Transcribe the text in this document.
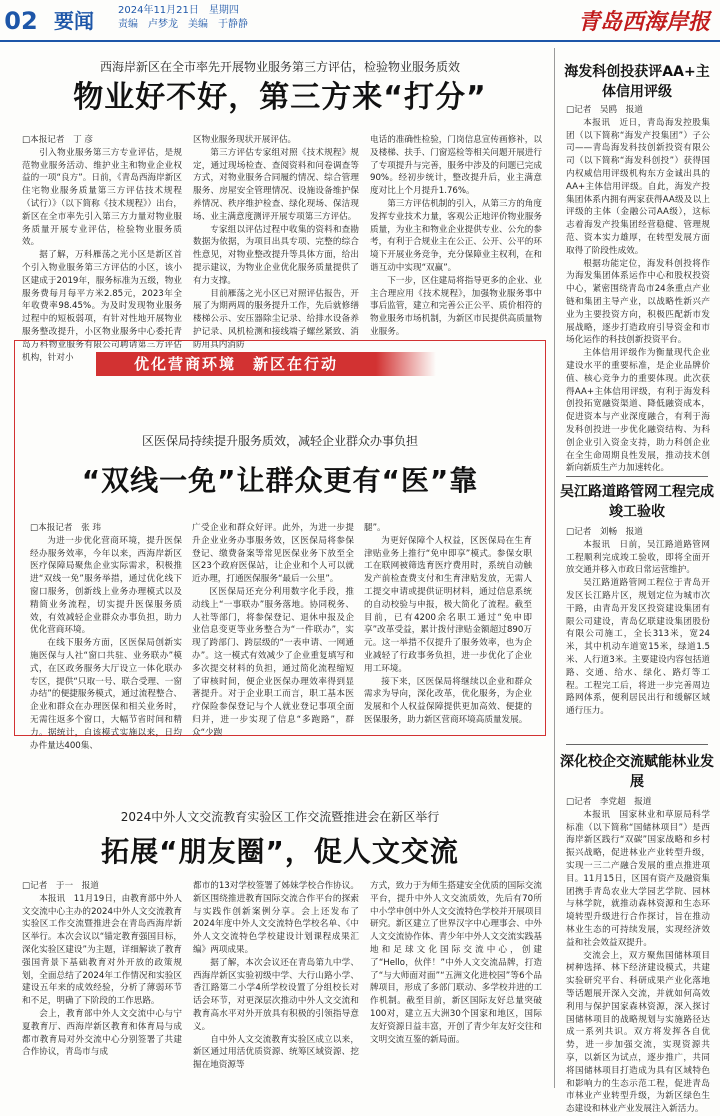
02 要闻 2024年11月21日　星期四
责编　卢梦龙　美编　于静静	青岛西海岸报
西海岸新区在全市率先开展物业服务第三方评估，检验物业服务质效
物业好不好，第三方来“打分”

□本报记者　丁 彦

引入物业服务第三方专业评估，是规范物业服务活动、维护业主和物业企业权益的一项“良方”。日前，《青岛西海岸新区住宅物业服务质量第三方评估技术规程（试行）》（以下简称《技术规程》）出台，新区在全市率先引入第三方力量对物业服务质量开展专业评估，检验物业服务质效。

据了解，万科雁荡之光小区是新区首个引入物业服务第三方评估的小区，该小区建成于2019年，服务标准为五级，物业服务费每月每平方米2.85元，2023年全年收费率98.45%。为及时发现物业服务过程中的短板弱项，有针对性地开展物业服务整改提升，小区物业服务中心委托青岛万科物业服务有限公司聘请第三方评估机构，针对小

区物业服务现状开展评估。

第三方评估专家组对照《技术规程》规定，通过现场检查、查阅资料和问卷调查等方式，对物业服务合同履约情况、综合管理服务、房屋安全管理情况、设施设备维护保养情况、秩序维护检查、绿化现场、保洁现场、业主满意度测评开展专项第三方评估。

专家组以评估过程中收集的资料和查勘数据为依据，为项目出具专项、完整的综合性意见，对物业整改提升等具体方面，给出提示建议，为物业企业优化服务质量提供了有力支撑。

目前雁荡之光小区已对照评估报告，开展了为期两周的服务提升工作，先后就修缮楼梯公示、安压器除尘记录、给排水设备养护记录、风机检测和接线端子螺丝紧致、消防用具内消防

电话的准确性检验，门岗信息宣传画修补，以及楼梯、扶手、门窗巡检等相关问题开展进行了专项提升与完善，服务中涉及的问题已完成90%。经初步统计，整改提升后，业主满意度对比上个月提升1.76%。

第三方评估机制的引入，从第三方的角度发挥专业技术力量，客观公正地评价物业服务质量，为业主和物业企业提供专业、公允的参考，有利于合规业主在公正、公开、公平的环境下开展业务竞争，充分保障业主权利，在和谐互动中实现“双赢”。

下一步，区住建局将指导更多的企业、业主合理应用《技术规程》，加强物业服务事中事后监管，建立和完善公正公平、质价相符的物业服务市场机制，为新区市民提供高质量物业服务。

优化营商环境　新区在行动
区医保局持续提升服务质效，减轻企业群众办事负担
“双线一免”让群众更有“医”靠

□本报记者　张 玮

为进一步优化营商环境，提升医保经办服务效率，今年以来，西海岸新区医疗保障局聚焦企业实际需求，积极推进“双线一免”服务举措，通过优化线下窗口服务，创新线上业务办理模式以及精简业务流程，切实提升医保服务质效，有效减轻企业群众办事负担，助力优化营商环境。

在线下服务方面，区医保局创新实施医保与人社“窗口共驻、业务联办”模式，在区政务服务大厅设立一体化联办专区，提供“只取一号、联合受理、一窗办结”的便捷服务模式，通过流程整合、企业和群众在办理医保和相关业务时，无需往返多个窗口，大幅节省时间和精力。据统计，自该模式实施以来，日均办件量达400集、

广受企业和群众好评。此外，为进一步提升企业业务办事服务效，区医保局将参保登记、缴费备案等常见医保业务下放至全区23个政府医保站，让企业和个人可以就近办理，打通医保服务“最后一公里”。

区医保局还充分利用数字化手段，推动线上“一事联办”服务落地。协同税务、人社等部门，将参保登记、退休申报及企业信息变更等业务整合为“一件联办”，实现了跨部门、跨层级的“一表申请、一网通办”。这一模式有效减少了企业重复填写和多次提交材料的负担，通过简化流程缩短了审核时间，便企业医保办理效率得到显著提升。对于企业职工而言，职工基本医疗保险参保登记与个人就业登记事项全面归并，进一步实现了信息“多跑路”，群众“少跑

腿”。

为更好保障个人权益，区医保局在生育津贴业务上推行“免申即享”模式。参保女职工在联网被筛选育医疗费用时，系统自动触发产前检查费支付和生育津贴发放，无需人工提交申请或提供证明材料，通过信息系统的自动校验与申报，极大简化了流程。截至目前，已有4200余名职工通过“免申即享”改革受益，累计拨付津贴金额超过890万元。这一举措不仅提升了服务效率，也为企业减轻了行政事务负担，进一步优化了企业用工环境。

接下来，区医保局将继续以企业和群众需求为导向，深化改革，优化服务，为企业发展和个人权益保障提供更加高效、便捷的医保服务，助力新区营商环境高质量发展。

2024中外人文交流教育实验区工作交流暨推进会在新区举行
拓展“朋友圈”，促人文交流

□记者　于一　报道

本报讯　11月19日，由教育部中外人文交流中心主办的2024中外人文交流教育实验区工作交流暨推进会在青岛西海岸新区举行。本次会议以“锚定教育强国目标，深化实验区建设”为主题，详细解读了教育强国背景下基础教育对外开放的政策规划，全面总结了2024年工作情况和实验区建设五年来的成效经验，分析了薄弱环节和不足，明确了下阶段的工作思路。

会上，教育部中外人文交流中心与宁夏教育厅、西海岸新区教育和体育局与成都市教育局对外交流中心分别签署了共建合作协议，青岛市与成

都市的13对学校签署了姊妹学校合作协议。新区围绕推进教育国际交流合作平台的探索与实践作创新案例分享。会上还发布了2024年度中外人文交流特色学校名单、《中外人文交流特色学校建设计划课程成果汇编》两项成果。

据了解，本次会议还在青岛第九中学、西海岸新区实验初级中学、大行山路小学、香江路第二小学4所学校设置了分组校长对话会环节，对更深层次推动中外人文交流和教育高水平对外开放具有积极的引领指导意义。

自中外人文交流教育实验区成立以来，新区通过用活优质资源、统筹区域资源、挖掘在地资源等

方式，致力于为师生搭建安全优质的国际交流平台，提升中外人文交流质效，先后有70所中小学申创中外人文交流特色学校并开展项目研究。新区建立了世界汉字中心理事会、中外人文交流协作体、青少年中外人文交流实践基地和足球文化国际交流中心，创建了“Hello，伙伴！”中外人文交流品牌，打造了“与大师面对面”“五洲文化进校园”等6个品牌项目，形成了多部门联动、多学校并进的工作机制。截至目前，新区国际友好总量突破100对，建立五大洲30个国家和地区，国际友好资源日益丰富，开创了青少年友好交往和文明交流互鉴的新局面。

海发科创投获评AA+主体信用评级

□记者　吴鸥　报道

本报讯　近日，青岛海发控股集团（以下简称“海发产投集团”）子公司——青岛海发科技创新投资有限公司（以下简称“海发科创投”）获得国内权威信用评级机构东方金诚出具的AA+主体信用评级。自此，海发产投集团体系内拥有两家获得AA级及以上评级的主体（金融公司AA级），这标志着海发产投集团经营稳健、管理规范、资本实力雄厚，在转型发展方面取得了阶段性成效。

根据功能定位，海发科创投将作为海发集团体系运作中心和股权投资中心，紧密围绕青岛市24条重点产业链和集团主导产业，以战略性新兴产业为主要投资方向，积极匹配新市发展战略，逐步打造政府引导资金和市场化运作的科技创新投资平台。

主体信用评级作为衡量现代企业建设水平的重要标准，是企业品牌价值、核心竞争力的重要体现。此次获得AA+主体信用评级，有利于海发科创投拓宽融资渠道、降低融资成本，促进资本与产业深度融合，有利于海发科创投进一步优化融资结构、为科创企业引入资金支持，助力科创企业在全生命周期良性发展，推动技术创新向新质生产力加速转化。

吴江路道路管网工程完成竣工验收

□记者　刘畅　报道

本报讯　日前，吴江路道路管网工程顺利完成竣工验收，即将全面开放交通并移入市政日常运营维护。

吴江路道路管网工程位于青岛开发区长江路片区，规划定位为城市次干路，由青岛开发区投资建设集团有限公司建设，青岛亿联建设集团股份有限公司施工，全长313米，宽24米，其中机动车道宽15米，绿道1.5米、人行道3米。主要建设内容包括道路、交通、给水、绿化、路灯等工程。工程完工后，将进一步完善周边路网体系，便利居民出行和缓解区域通行压力。

深化校企交流赋能林业发展

□记者　李党超　报道

本报讯　国家林业和草原局科学标准（以下简称“国储林项目”）是西海岸新区践行“双碳”国家战略和乡村振兴战略，促进林业产业转型升级，实现一三二产融合发展的重点推进项目。11月15日，区国有资产及融资集团携手青岛农业大学园艺学院、园林与林学院，就推动森林资源和生态环境转型升级进行合作探讨，旨在推动林业生态的可持续发展，实现经济效益和社会效益双提升。

交流会上，双方聚焦国储林项目树种选择、林下经济建设模式，共建实验研究平台、科研成果产业化落地等话题展开深入交流，并就如何高效利用与保护国家森林资源，深入探讨国储林项目的战略规划与实施路径达成一系列共识。双方将发挥各自优势，进一步加强交流，实现资源共享，以新区为试点，逐步推广，共同将国储林项目打造成为具有区域特色和影响力的生态示范工程，促进青岛市林业产业转型升级，为新区绿色生态建设和林业产业发展注入新活力。
